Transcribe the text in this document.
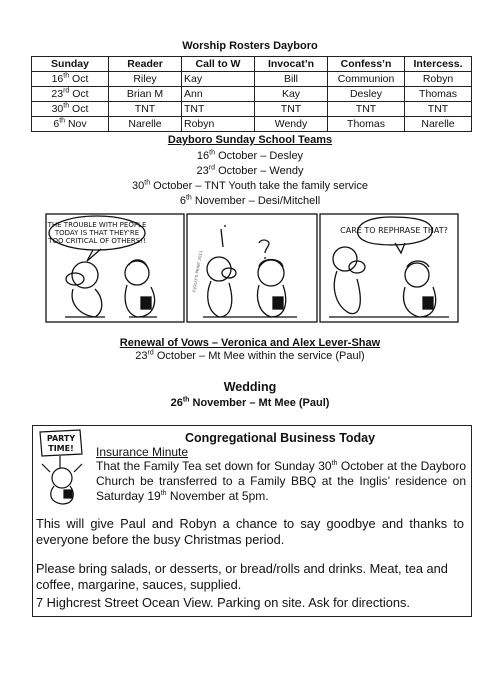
Worship Rosters Dayboro
Sunday	Reader	Call to W	Invocat’n	Confess’n	Intercess.
16th Oct	Riley	Kay	Bill	Communion	Robyn
23rd Oct	Brian M	Ann	Kay	Desley	Thomas
30th Oct	TNT	TNT	TNT	TNT	TNT
6th Nov	Narelle	Robyn	Wendy	Thomas	Narelle
Dayboro Sunday School Teams
16th October – Desley
23rd October – Wendy
30th October – TNT Youth take the family service
6th November – Desi/Mitchell
THE TROUBLE WITH PEOPLE
TODAY IS THAT THEY'RE
TOO CRITICAL OF OTHERS!!
CARE TO REPHRASE THAT?
©JOLLY'S PRINT 2011
Renewal of Vows – Veronica and Alex Lever-Shaw
23rd October – Mt Mee within the service (Paul)
Wedding
26th November – Mt Mee (Paul)
PARTY
TIME!
Congregational Business Today
Insurance Minute
That the Family Tea set down for Sunday 30th October at the Dayboro Church be transferred to a Family BBQ at the Inglis’ residence on Saturday 19th November at 5pm.
This will give Paul and Robyn a chance to say goodbye and thanks to everyone before the busy Christmas period.
Please bring salads, or desserts, or bread/rolls and drinks. Meat, tea and coffee, margarine, sauces, supplied.
7 Highcrest Street Ocean View. Parking on site. Ask for directions.
